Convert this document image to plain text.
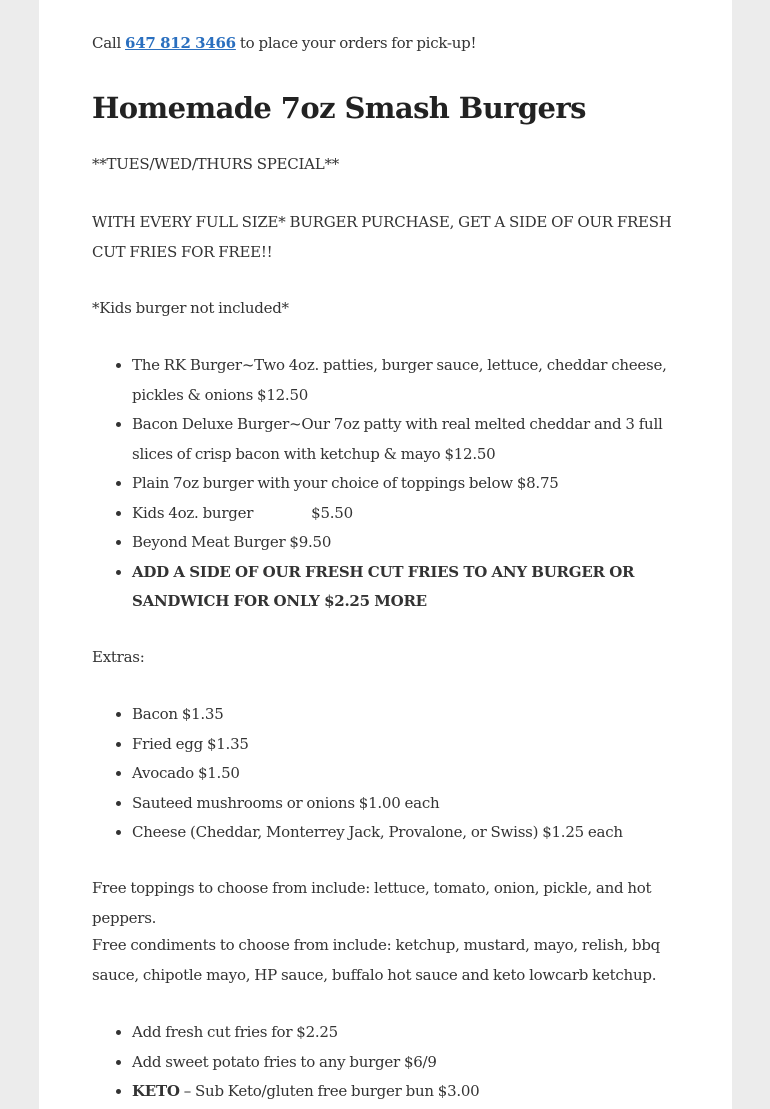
Call 647 812 3466 to place your orders for pick-up!

Homemade 7oz Smash Burgers

**TUES/WED/THURS SPECIAL**

WITH EVERY FULL SIZE* BURGER PURCHASE, GET A SIDE OF OUR FRESH CUT FRIES FOR FREE!!

*Kids burger not included*

• The RK Burger~Two 4oz. patties, burger sauce, lettuce, cheddar cheese, pickles & onions $12.50
• Bacon Deluxe Burger~Our 7oz patty with real melted cheddar and 3 full slices of crisp bacon with ketchup & mayo $12.50
• Plain 7oz burger with your choice of toppings below $8.75
• Kids 4oz. burger	$5.50
• Beyond Meat Burger $9.50
• ADD A SIDE OF OUR FRESH CUT FRIES TO ANY BURGER OR SANDWICH FOR ONLY $2.25 MORE

Extras:

• Bacon $1.35
• Fried egg $1.35
• Avocado $1.50
• Sauteed mushrooms or onions $1.00 each
• Cheese (Cheddar, Monterrey Jack, Provalone, or Swiss) $1.25 each

Free toppings to choose from include: lettuce, tomato, onion, pickle, and hot peppers.

Free condiments to choose from include: ketchup, mustard, mayo, relish, bbq sauce, chipotle mayo, HP sauce, buffalo hot sauce and keto lowcarb ketchup.

• Add fresh cut fries for $2.25
• Add sweet potato fries to any burger $6/9
• KETO – Sub Keto/gluten free burger bun $3.00
